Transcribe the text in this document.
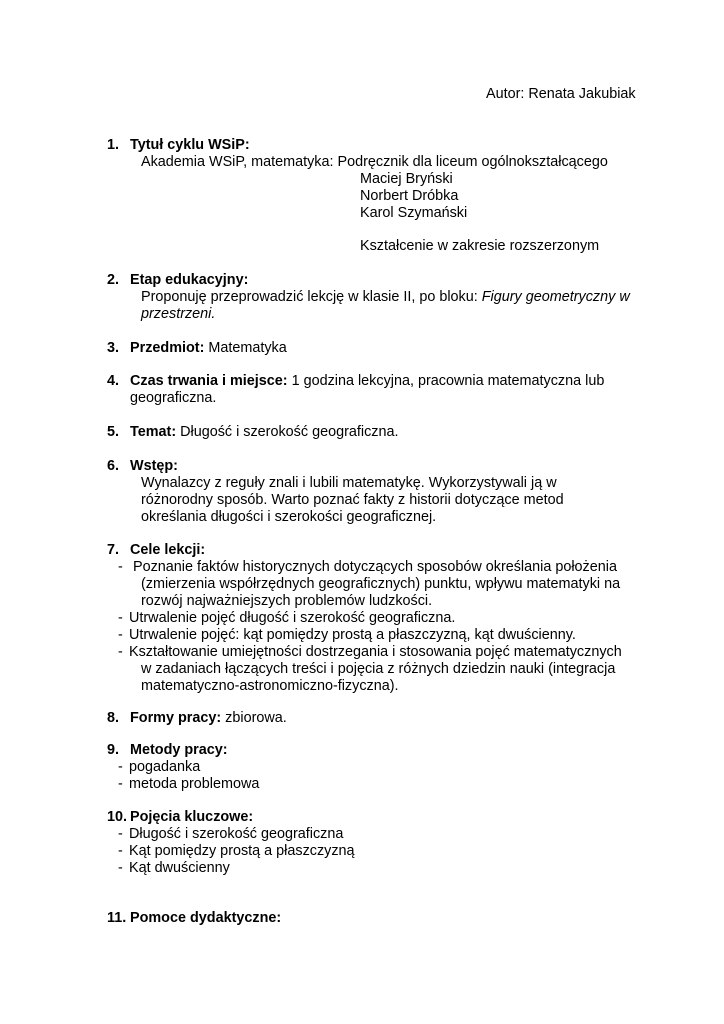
Autor: Renata Jakubiak
1. Tytuł cyklu WSiP:
Akademia WSiP, matematyka: Podręcznik dla liceum ogólnokształcącego
Maciej Bryński
Norbert Dróbka
Karol Szymański
Kształcenie w zakresie rozszerzonym
2. Etap edukacyjny:
Proponuję przeprowadzić lekcję w klasie II, po bloku: Figury geometryczny w
przestrzeni.
3. Przedmiot: Matematyka
4. Czas trwania i miejsce: 1 godzina lekcyjna, pracownia matematyczna lub
geograficzna.
5. Temat: Długość i szerokość geograficzna.
6. Wstęp:
Wynalazcy z reguły znali i lubili matematykę. Wykorzystywali ją w
różnorodny sposób. Warto poznać fakty z historii dotyczące metod
określania długości i szerokości geograficznej.
7. Cele lekcji:
- Poznanie faktów historycznych dotyczących sposobów określania położenia
(zmierzenia współrzędnych geograficznych) punktu, wpływu matematyki na
rozwój najważniejszych problemów ludzkości.
- Utrwalenie pojęć długość i szerokość geograficzna.
- Utrwalenie pojęć: kąt pomiędzy prostą a płaszczyzną, kąt dwuścienny.
- Kształtowanie umiejętności dostrzegania i stosowania pojęć matematycznych
w zadaniach łączących treści i pojęcia z różnych dziedzin nauki (integracja
matematyczno-astronomiczno-fizyczna).
8. Formy pracy: zbiorowa.
9. Metody pracy:
- pogadanka
- metoda problemowa
10. Pojęcia kluczowe:
- Długość i szerokość geograficzna
- Kąt pomiędzy prostą a płaszczyzną
- Kąt dwuścienny
11. Pomoce dydaktyczne:
